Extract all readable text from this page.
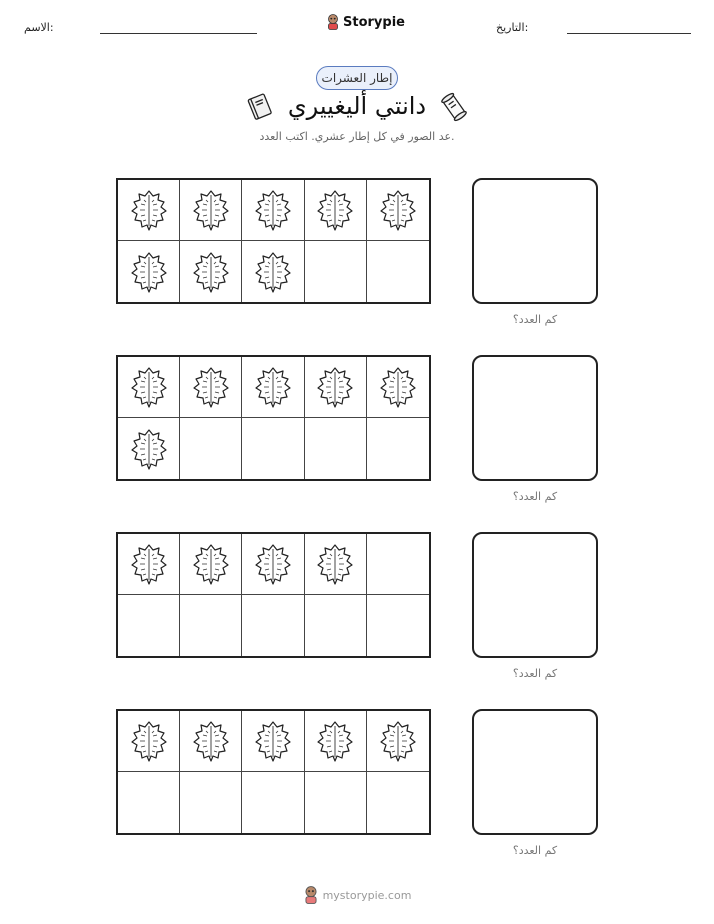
الاسم:	Storypie	التاريخ:
إطار العشرات
دانتي أليغييري
عد الصور في كل إطار عشري. اكتب العدد.
كم العدد؟
كم العدد؟
كم العدد؟
كم العدد؟
mystorypie.com
